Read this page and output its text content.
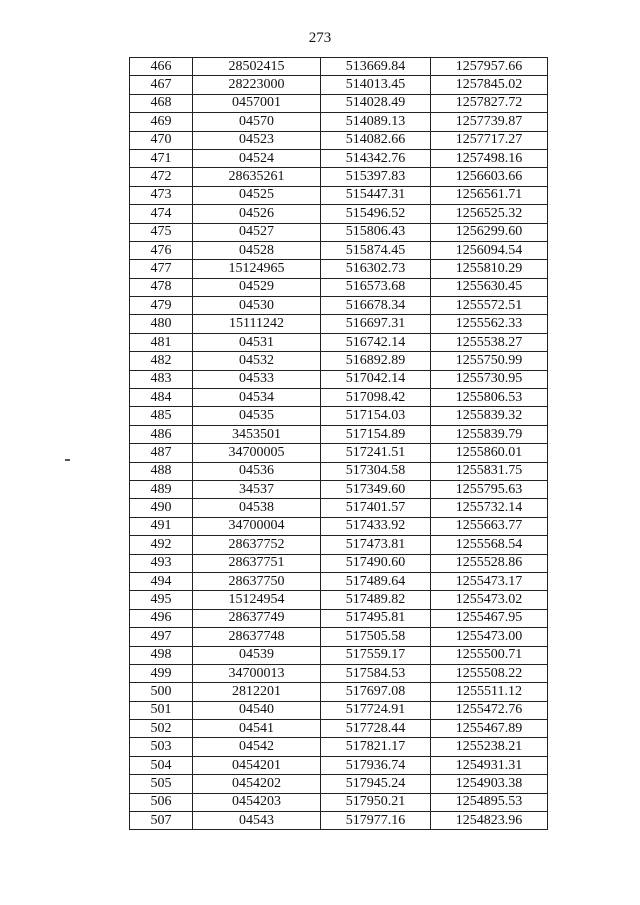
273
466	28502415	513669.84	1257957.66
467	28223000	514013.45	1257845.02
468	0457001	514028.49	1257827.72
469	04570	514089.13	1257739.87
470	04523	514082.66	1257717.27
471	04524	514342.76	1257498.16
472	28635261	515397.83	1256603.66
473	04525	515447.31	1256561.71
474	04526	515496.52	1256525.32
475	04527	515806.43	1256299.60
476	04528	515874.45	1256094.54
477	15124965	516302.73	1255810.29
478	04529	516573.68	1255630.45
479	04530	516678.34	1255572.51
480	15111242	516697.31	1255562.33
481	04531	516742.14	1255538.27
482	04532	516892.89	1255750.99
483	04533	517042.14	1255730.95
484	04534	517098.42	1255806.53
485	04535	517154.03	1255839.32
486	3453501	517154.89	1255839.79
487	34700005	517241.51	1255860.01
488	04536	517304.58	1255831.75
489	34537	517349.60	1255795.63
490	04538	517401.57	1255732.14
491	34700004	517433.92	1255663.77
492	28637752	517473.81	1255568.54
493	28637751	517490.60	1255528.86
494	28637750	517489.64	1255473.17
495	15124954	517489.82	1255473.02
496	28637749	517495.81	1255467.95
497	28637748	517505.58	1255473.00
498	04539	517559.17	1255500.71
499	34700013	517584.53	1255508.22
500	2812201	517697.08	1255511.12
501	04540	517724.91	1255472.76
502	04541	517728.44	1255467.89
503	04542	517821.17	1255238.21
504	0454201	517936.74	1254931.31
505	0454202	517945.24	1254903.38
506	0454203	517950.21	1254895.53
507	04543	517977.16	1254823.96
